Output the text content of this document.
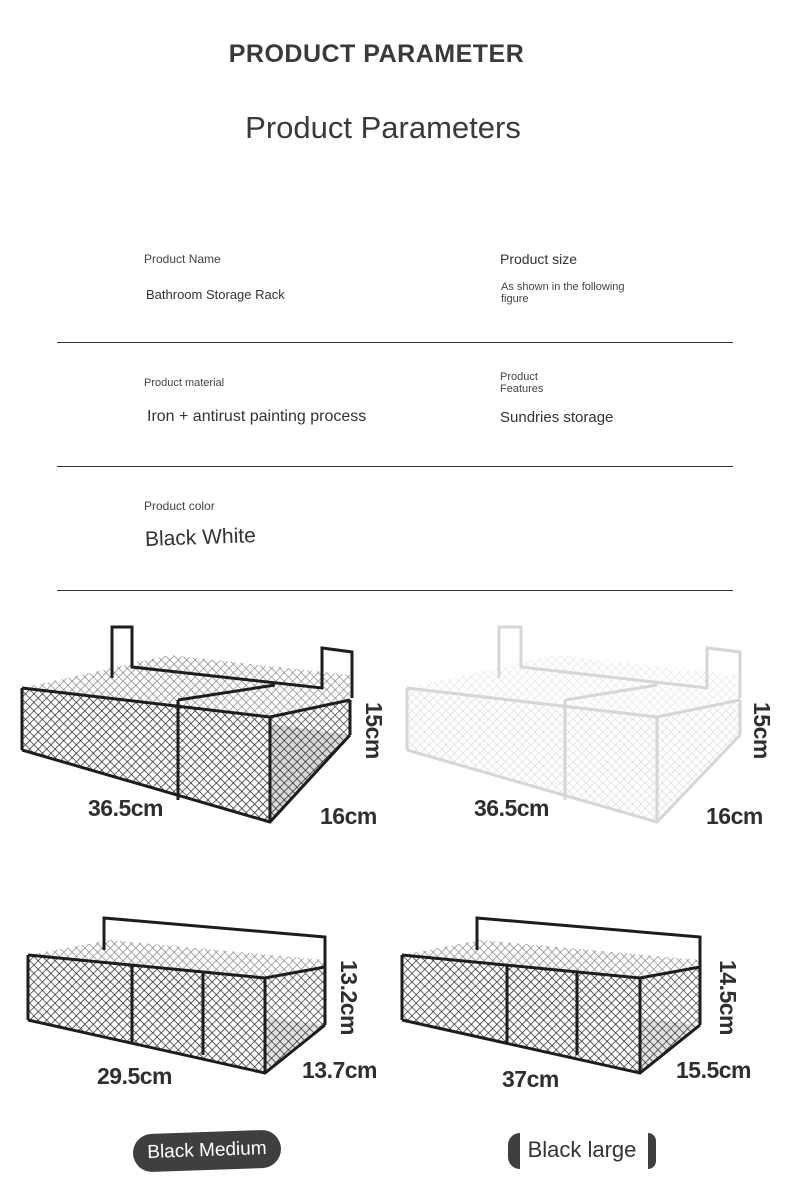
PRODUCT PARAMETER
Product Parameters
Product Name
Bathroom Storage Rack
Product size
As shown in the following
figure
Product material
Iron + antirust painting process
Product
Features
Sundries storage
Product color
Black White
36.5cm	16cm
15cm
36.5cm	16cm
15cm
29.5cm	13.7cm
13.2cm
37cm	15.5cm
14.5cm
Black Medium	Black large
